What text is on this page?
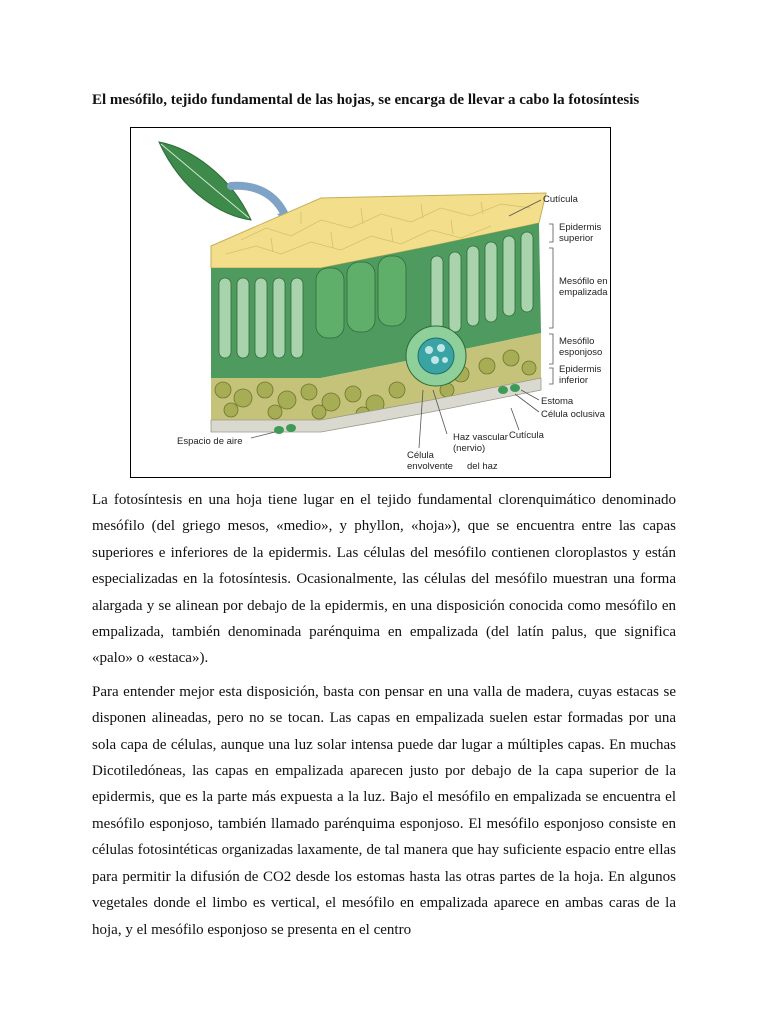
El mesófilo, tejido fundamental de las hojas, se encarga de llevar a cabo la fotosíntesis
Cutícula
Epidermis
superior
Mesófilo en
empalizada
Mesófilo
esponjoso
Epidermis
inferior
Estoma
Célula oclusiva
Cutícula
Espacio de aire	Haz vascular
(nervio)
Célula
envolvente del haz

La fotosíntesis en una hoja tiene lugar en el tejido fundamental clorenquimático denominado mesófilo (del griego mesos, «medio», y phyllon, «hoja»), que se encuentra entre las capas superiores e inferiores de la epidermis. Las células del mesófilo contienen cloroplastos y están especializadas en la fotosíntesis. Ocasionalmente, las células del mesófilo muestran una forma alargada y se alinean por debajo de la epidermis, en una disposición conocida como mesófilo en empalizada, también denominada parénquima en empalizada (del latín palus, que significa «palo» o «estaca»).

Para entender mejor esta disposición, basta con pensar en una valla de madera, cuyas estacas se disponen alineadas, pero no se tocan. Las capas en empalizada suelen estar formadas por una sola capa de células, aunque una luz solar intensa puede dar lugar a múltiples capas. En muchas Dicotiledóneas, las capas en empalizada aparecen justo por debajo de la capa superior de la epidermis, que es la parte más expuesta a la luz. Bajo el mesófilo en empalizada se encuentra el mesófilo esponjoso, también llamado parénquima esponjoso. El mesófilo esponjoso consiste en células fotosintéticas organizadas laxamente, de tal manera que hay suficiente espacio entre ellas para permitir la difusión de CO2 desde los estomas hasta las otras partes de la hoja. En algunos vegetales donde el limbo es vertical, el mesófilo en empalizada aparece en ambas caras de la hoja, y el mesófilo esponjoso se presenta en el centro
